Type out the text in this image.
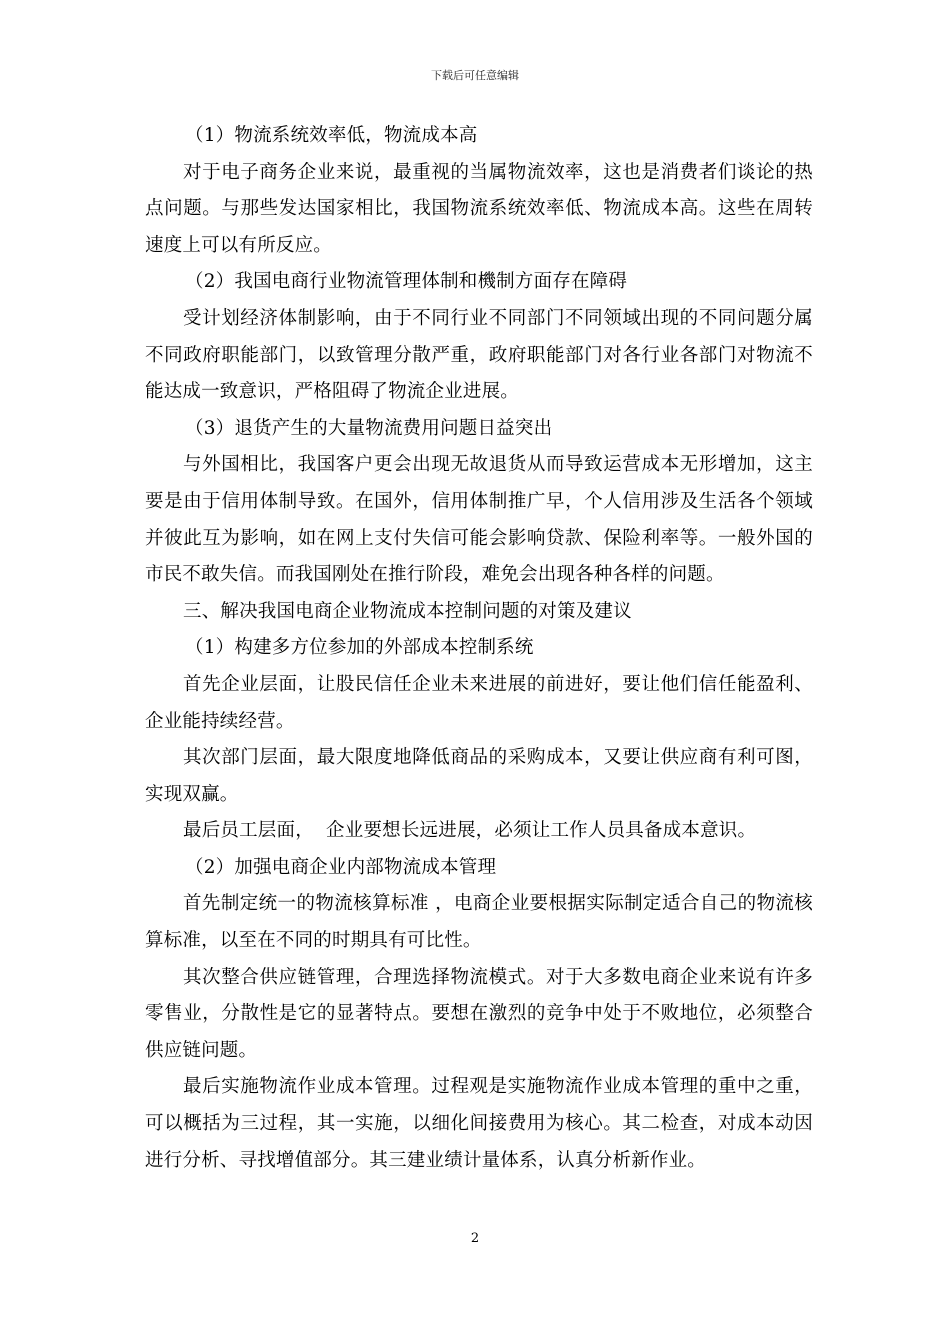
下载后可任意编辑

（1）物流系统效率低，物流成本高

对于电子商务企业来说，最重视的当属物流效率，这也是消费者们谈论的热点问题。与那些发达国家相比，我国物流系统效率低、物流成本高。这些在周转速度上可以有所反应。

（2）我国电商行业物流管理体制和機制方面存在障碍

受计划经济体制影响，由于不同行业不同部门不同领域出现的不同问题分属不同政府职能部门，以致管理分散严重，政府职能部门对各行业各部门对物流不能达成一致意识，严格阻碍了物流企业进展。

（3）退货产生的大量物流费用问题日益突出

与外国相比，我国客户更会出现无故退货从而导致运营成本无形增加，这主要是由于信用体制导致。在国外，信用体制推广早，个人信用涉及生活各个领域并彼此互为影响，如在网上支付失信可能会影响贷款、保险利率等。一般外国的市民不敢失信。而我国刚处在推行阶段，难免会出现各种各样的问题。

三、解决我国电商企业物流成本控制问题的对策及建议

（1）构建多方位参加的外部成本控制系统

首先企业层面，让股民信任企业未来进展的前进好，要让他们信任能盈利、企业能持续经营。

其次部门层面，最大限度地降低商品的采购成本，又要让供应商有利可图，实现双赢。

最后员工层面，  企业要想长远进展，必须让工作人员具备成本意识。

（2）加强电商企业内部物流成本管理

首先制定统一的物流核算标准 ，电商企业要根据实际制定适合自己的物流核算标准，以至在不同的时期具有可比性。

其次整合供应链管理，合理选择物流模式。对于大多数电商企业来说有许多零售业，分散性是它的显著特点。要想在激烈的竞争中处于不败地位，必须整合供应链问题。

最后实施物流作业成本管理。过程观是实施物流作业成本管理的重中之重，可以概括为三过程，其一实施，以细化间接费用为核心。其二检查，对成本动因进行分析、寻找增值部分。其三建业绩计量体系，认真分析新作业。

2
